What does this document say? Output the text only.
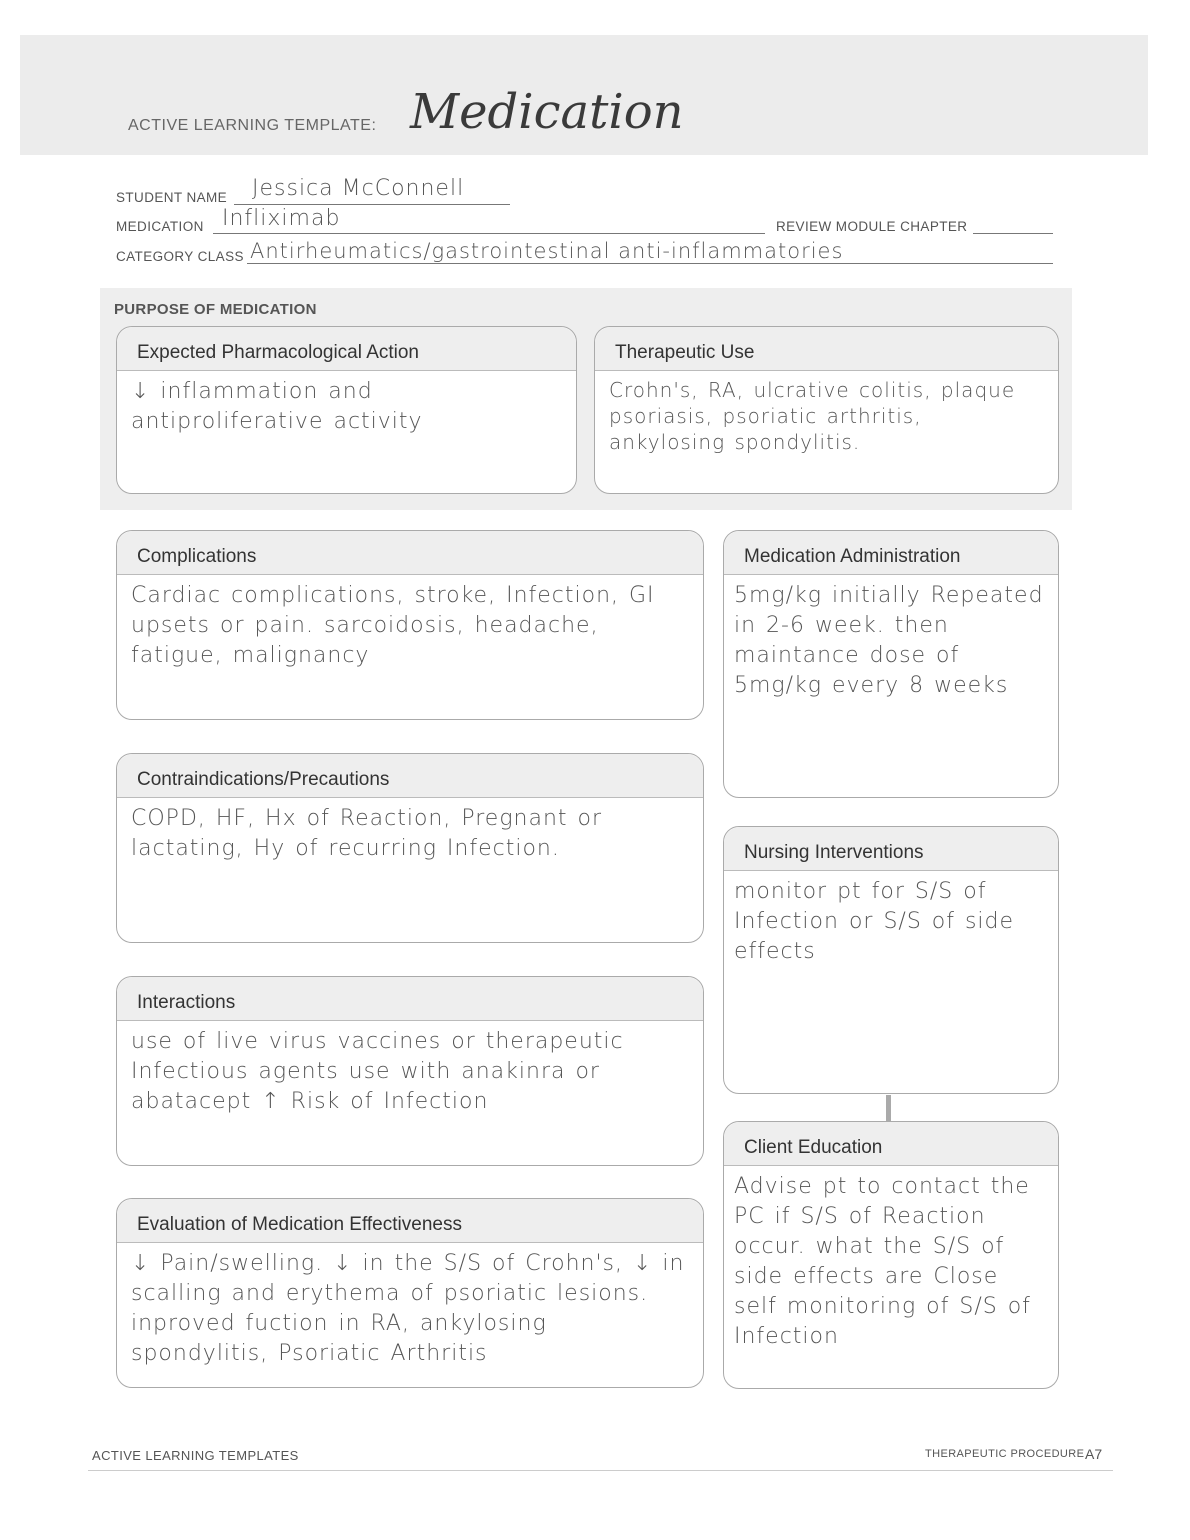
ACTIVE LEARNING TEMPLATE: Medication
STUDENT NAME Jessica McConnell
MEDICATION Infliximab	REVIEW MODULE CHAPTER
CATEGORY CLASS Antirheumatics/gastrointestinal anti-inflammatories
PURPOSE OF MEDICATION
Expected Pharmacological Action
↓ inflammation and antiproliferative activity
Therapeutic Use
Crohn's, RA, ulcrative colitis, plaque psoriasis, psoriatic arthritis, ankylosing spondylitis.
Complications
Cardiac complications, stroke, Infection, GI upsets or pain. sarcoidosis, headache, fatigue, malignancy
Contraindications/Precautions
COPD, HF, Hx of Reaction, Pregnant or lactating, Hy of recurring Infection.
Interactions
use of live virus vaccines or therapeutic Infectious agents use with anakinra or abatacept ↑ Risk of Infection
Evaluation of Medication Effectiveness
↓ Pain/swelling. ↓ in the S/S of Crohn's, ↓ in scalling and erythema of psoriatic lesions. inproved fuction in RA, ankylosing spondylitis, Psoriatic Arthritis
Medication Administration
5mg/kg initially Repeated in 2-6 week. then maintance dose of 5mg/kg every 8 weeks
Nursing Interventions
monitor pt for S/S of Infection or S/S of side effects
Client Education
Advise pt to contact the PC if S/S of Reaction occur. what the S/S of side effects are Close self monitoring of S/S of Infection
ACTIVE LEARNING TEMPLATES	THERAPEUTIC PROCEDURE A7
